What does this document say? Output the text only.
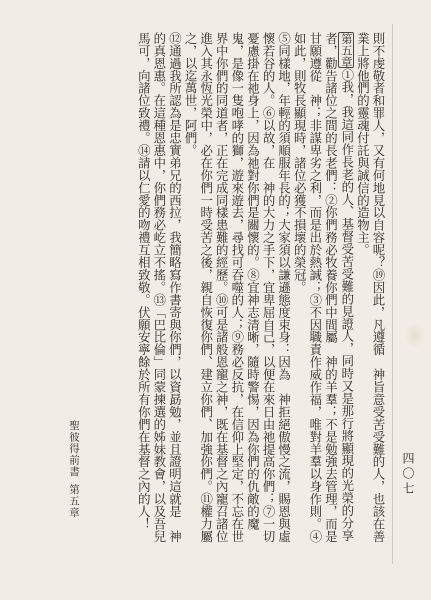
四〇七

則不虔敬者和罪人，又有何地見以自容呢？⑲因此，凡遵循　神旨意受苦受難的人，也該在善業上將他們的靈魂付託與誠信的造物主。

第五章①我，我這同作長老的人、基督受苦受難的見證人，同時又是那行將顯現的光榮的分享者，勸告諸位之間的長老們：②你們務必牧養你們中間屬　神的羊羣；不是勉強去管理，而是甘願遵從　神；非謀卑劣之利，而是出於熱誠；③不因職責作威作福，唯對羊羣以身作則。④如此，則牧長顯現時，諸位必獲不損壞的榮冠。

⑤同樣地，年輕的須順服年長的；大家須以謙遜態度束身：因為　神拒絕傲慢之流，賜恩與虛懷若谷的人。⑥以故，在　神的大力之手下，宜卑屈自己，以便在來日由祂提高你們；⑦一切憂慮掛在祂身上，因為祂對你們是關懷的。⑧宜神志清晰，隨時警惕，因為你們的仇敵的魔鬼，是像一隻咆哮的獅，遊來遊去，尋找可吞噬的人；⑨務必反抗，在信仰上堅定，不忘在世界中你們的同道者，正在完成同樣患難的經歷。⑩可是諸般恩寵之神，既在基督之內寵召諸位進入其永恆光榮中，必在你們一時受苦之後，親自恢復你們、建立你們、加強你們。⑪權力屬之，以迄萬世，阿們。

⑫通過我所認為是忠實弟兄的西拉，我簡略寫作書寄與你們，以資勗勉，並且證明這就是　神的真恩惠。在這種恩惠中，你們務必屹立不搖。⑬「巴比倫」同蒙揀選的姊妹教會，以及吾兒馬可，向諸位致禮。⑭請以仁愛的吻禮互相致敬。伏願安寧餘於所有你們在基督之內的人！

聖彼得前書
第五章
